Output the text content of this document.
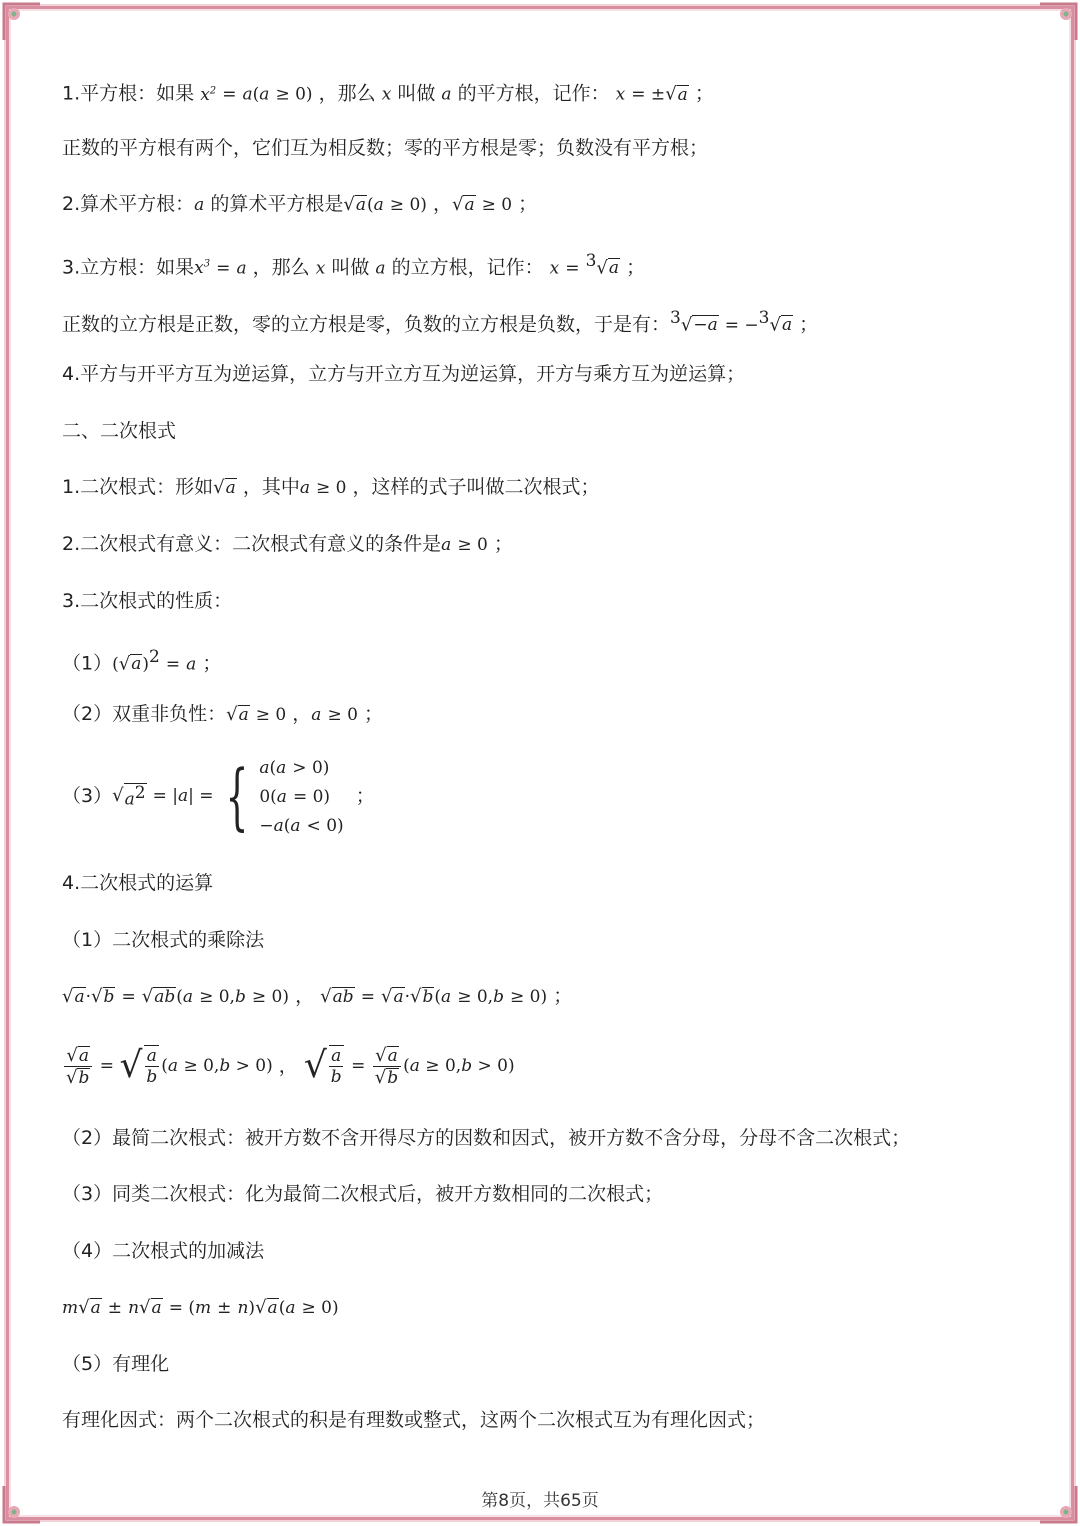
1.平方根：如果 $x^2 = a(a \ge 0)$ ，那么 x 叫做 a 的平方根，记作： x = ±√a ；
正数的平方根有两个，它们互为相反数；零的平方根是零；负数没有平方根；
2.算术平方根：a 的算术平方根是√a(a ≥ 0) ，√a ≥ 0 ；
3.立方根：如果$x^3 = a$ ，那么 x 叫做 a 的立方根，记作： x = $^3$√a ；
正数的立方根是正数，零的立方根是零，负数的立方根是负数，于是有：$^3$√−a = −$^3$√a ；
4.平方与开平方互为逆运算，立方与开立方互为逆运算，开方与乘方互为逆运算；
二、二次根式
1.二次根式：形如√a ，其中a ≥ 0 ，这样的式子叫做二次根式；
2.二次根式有意义：二次根式有意义的条件是a ≥ 0 ；
3.二次根式的性质：
$(1)(√a)^2 = a$ ；
（2）双重非负性：√a ≥ 0 ，a ≥ 0 ；
（3） √ $a^2$
= | a | = { a(a > 0)
0(a = 0)
−a(a < 0)

；
4.二次根式的运算
（1）二次根式的乘除法
√a·√b = √ab(a ≥ 0,b ≥ 0) ， √ab = √a·√b(a ≥ 0,b ≥ 0) ；
$\frac{√a}{√b}$ = √ $\frac{a}{b}$ ( a ≥ 0, b > 0)
，
√ $\frac{a}{b} = \frac{√a}{√b}$ ( a ≥ 0, b > 0)
（2）最简二次根式：被开方数不含开得尽方的因数和因式，被开方数不含分母，分母不含二次根式；
（3）同类二次根式：化为最简二次根式后，被开方数相同的二次根式；
（4）二次根式的加减法
m√a ± n√a = (m ± n)√a(a ≥ 0)
（5）有理化
有理化因式：两个二次根式的积是有理数或整式，这两个二次根式互为有理化因式；
第8页，共65页
